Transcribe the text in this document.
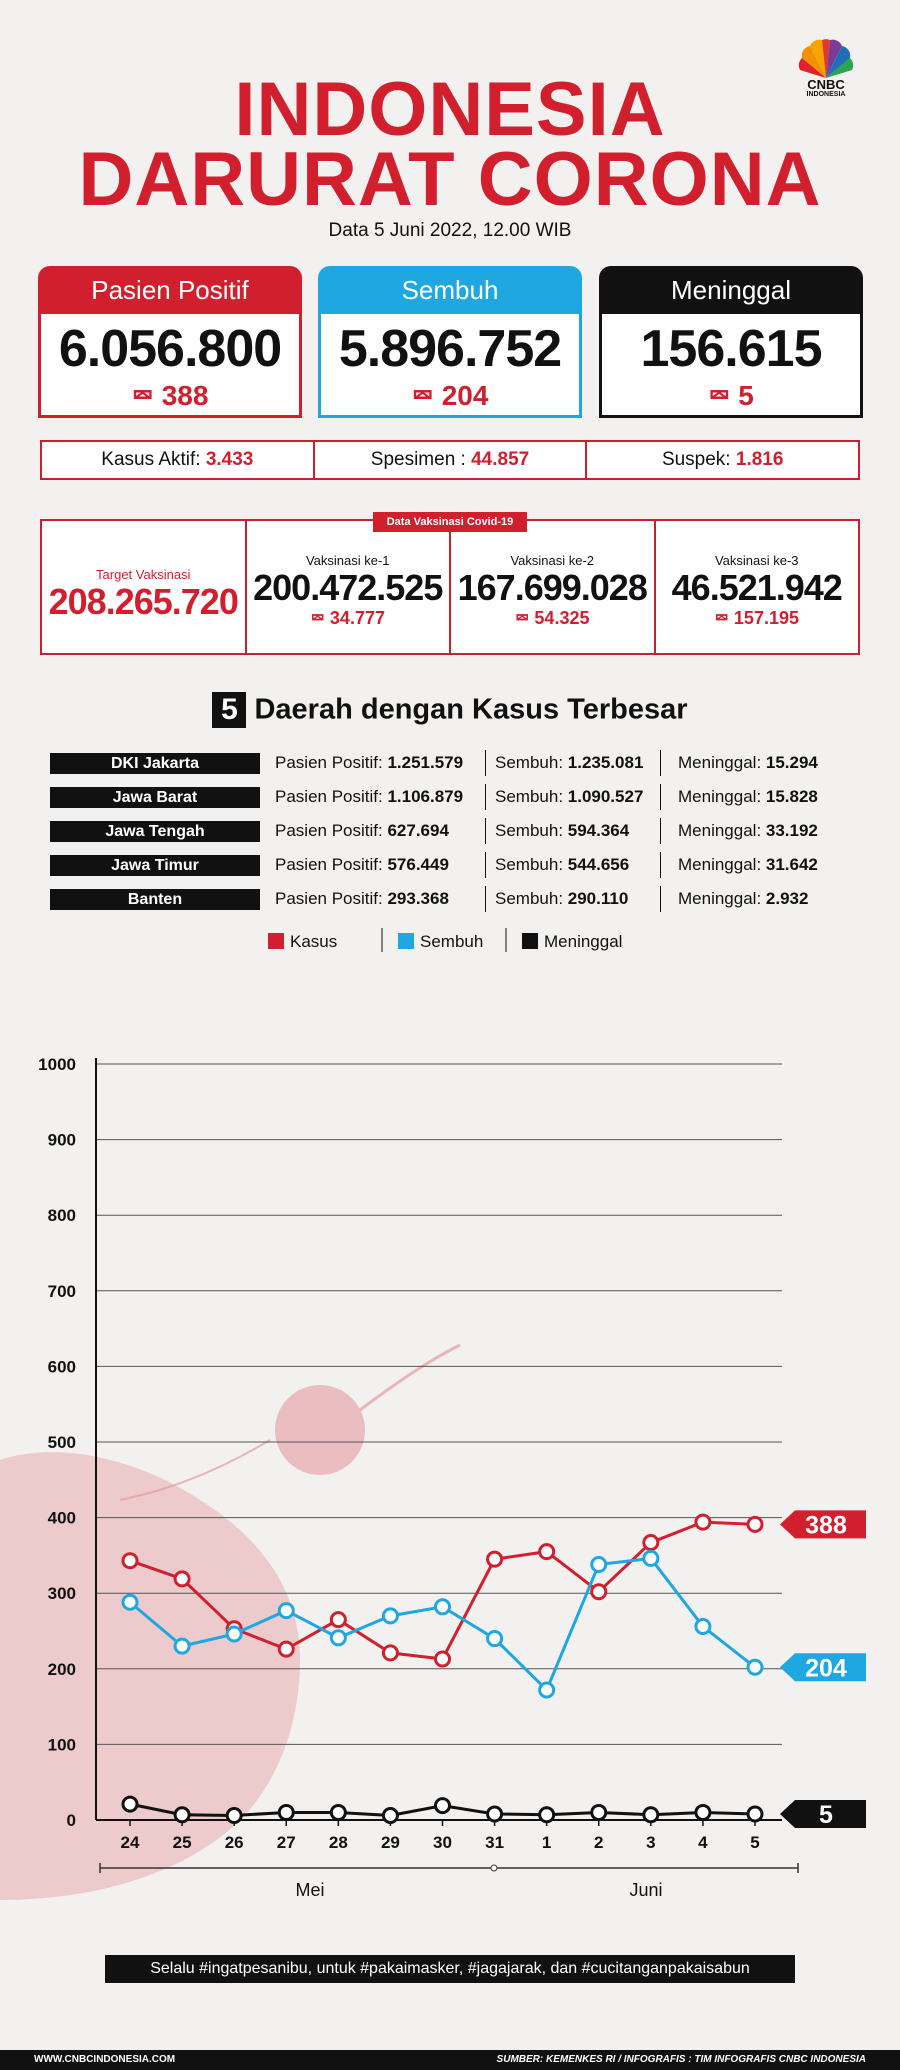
CNBC
INDONESIA
INDONESIA
DARURAT CORONA
Data 5 Juni 2022, 12.00 WIB
Pasien Positif
6.056.800
⮹ 388
Sembuh
5.896.752
⮹ 204
Meninggal
156.615
⮹ 5
Kasus Aktif: 3.433	Spesimen : 44.857	Suspek: 1.816
Target Vaksinasi
208.265.720
Vaksinasi ke-1
200.472.525
⮹ 34.777
Vaksinasi ke-2
167.699.028
⮹ 54.325
Vaksinasi ke-3
46.521.942
⮹ 157.195
Data Vaksinasi Covid-19
5 Daerah dengan Kasus Terbesar
DKI Jakarta	Pasien Positif: 1.251.579 Sembuh: 1.235.081 Meninggal: 15.294
Jawa Barat	Pasien Positif: 1.106.879 Sembuh: 1.090.527 Meninggal: 15.828
Jawa Tengah	Pasien Positif: 627.694	Sembuh: 594.364	Meninggal: 33.192
Jawa Timur	Pasien Positif: 576.449	Sembuh: 544.656	Meninggal: 31.642
Banten	Pasien Positif: 293.368	Sembuh: 290.110	Meninggal: 2.932
0
100
200
300
400
500
600
700
800
900
1000
24 25 26 27 28 29 30 31 1	2	3	4	5
Mei	Juni
Kasus	Sembuh	Meninggal
388
204
5
Selalu #ingatpesanibu, untuk #pakaimasker, #jagajarak, dan #cucitanganpakaisabun
WWW.CNBCINDONESIA.COM	SUMBER: KEMENKES RI / INFOGRAFIS : TIM INFOGRAFIS CNBC INDONESIA
